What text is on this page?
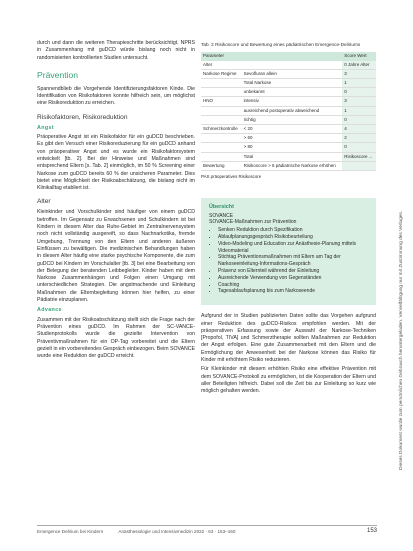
durch und dann die weiteren Therapieschritte berücksichtigt. NPRS in Zusammenhang mit guDCD würde bislang noch nicht in randomisierten kontrollierten Studien untersucht.

Prävention

Spannendblieb die Vorgehende Identifizierungsfaktoren Kinde. Die Identifikation von Risikofaktoren konnte hilfreich sein, um möglichst eine Risikoreduktion zu erreichen.

Risikofaktoren, Risikoreduktion
Angst

Präoperative Angst ist ein Risikofaktor für ein guDCD beschrieben. Es gibt den Versuch einer Risikoreduzierung für ein guDCD anhand von präoperativer Angst und es wurde ein Risikofaktorsystem entwickelt [tb. 2]. Bei der Hinweise und Maßnahmen sind entsprechend Eltern [s. Tab. 2] einmöglich, im 50 % Screening einer Narkose zum guDCD bereits 60 % der unsicheren Parameter. Dies bietet eine Möglichkeit der Risikoabschätzung, die bislang nicht im Klinikalltag etabliert ist.

Alter

Kleinkinder und Vorschulkinder sind häufiger von einem guDCD betroffen. Im Gegensatz zu Erwachsenen und Schulkindern ist bei Kindern in diesem Alter das Ruhe-Gebiet im Zentralnervensystem noch nicht vollständig ausgereift, so dass Nachnarkotika, fremde Umgebung, Trennung von den Eltern und anderen äußeren Einflüssen zu bewältigen. Die medizinischen Behandlungen haben in diesem Alter häufig eine starke psychische Komponente, die zum guDCD bei Kindern im Vorschulalter [tb. 3] bei eine Bearbeitung von der Belegung der beratenden Leibbegleiter. Kinder haben mit dem Narkose Zusammenhängen und Folgen einen Umgang mit unterschiedlichen Strategien. Die angstmachende und Einleitung Maßnahmen die Elternbegleitung können hier helfen, zu einer Pädiatrie einzuplanen.

Advance

Zusammen mit der Risikoabschätzung stellt sich die Frage nach der Prävention eines guDCD. Im Rahmen der SC-VANCE-Studienprotokolls wurde die gezielte Intervention von Präventivmaßnahmen für ein OP-Tag vorbereitet und die Eltern gezielt in ein vorbereitendes Gespräch einbezogen. Beim SOVANCE wurde eine Reduktion der guDCD erreicht.

Tab. 2 Risikoscore und Bewertung eines pädiatrischen Emergence-Deliriums
Parameter		Score Wert
Alter		0 Jahre Alter
Narkose Regime	Sevofluran allein	3
	Total Narkose	1
	unbekannt	0
HNO	intensiv	3
	ausreichend postoperativ abweichend	1
	richtig	0
Schmerzkontrolle	< 20	4
	> 60	2
	> 80	0
	Total	Risikoscore ...
Bewertung	Risikoscore > 6 pädiatrische Narkose erhöhen	
PAS präoperatives Risikoscore
Übersicht
SOVANCE
SOVANCE-Maßnahmen zur Prävention
• Senken Reduktion durch Spezifikation
• Ablaufplanungsgespräch Risikobeurteilung
• Video-Modeling und Education zur Anästhesie-Planung mittels Videomaterial
• Stichtag Präventionsmaßnahmen mit Eltern am Tag der Narkoseeinleitung-Informations-Gespräch
• Präsenz von Elternteil während der Einleitung
• Ausreichende Verwendung von Gegenständen
• Coaching
• Tagesablaufsplanung bis zum Narkoseende

Aufgrund der in Studien publizierten Daten sollte das Vorgehen aufgrund einer Reduktion des guDCD-Risikos empfohlen werden. Mit der präoperativen Erfassung sowie der Auswahl der Narkose-Techniken [Propofol, TIVA] und Schmerztherapie sollten Maßnahmen zur Reduktion der Angst erfolgen. Eine gute Zusammenarbeit mit den Eltern und die Ermöglichung der Anwesenheit bei der Narkose können das Risiko für Kinder mit erhöhtem Risiko reduzieren.

Für Kleinkinder mit diesem erhöhten Risiko eine effektive Prävention mit dem SOVANCE-Protokoll zu ermöglichen, ist die Kooperation der Eltern und aller Beteiligten hilfreich. Dabei soll die Zeit bis zur Einleitung so kurz wie möglich gehalten werden.

Emergence Delirium bei Kindern	Anästhesiologie und Intensivmedizin 2022 · 63 · 153–160	153
Dieses Dokument wurde zum persönlichen Gebrauch heruntergeladen. Vervielfältigung nur mit Zustimmung des Verlages.
